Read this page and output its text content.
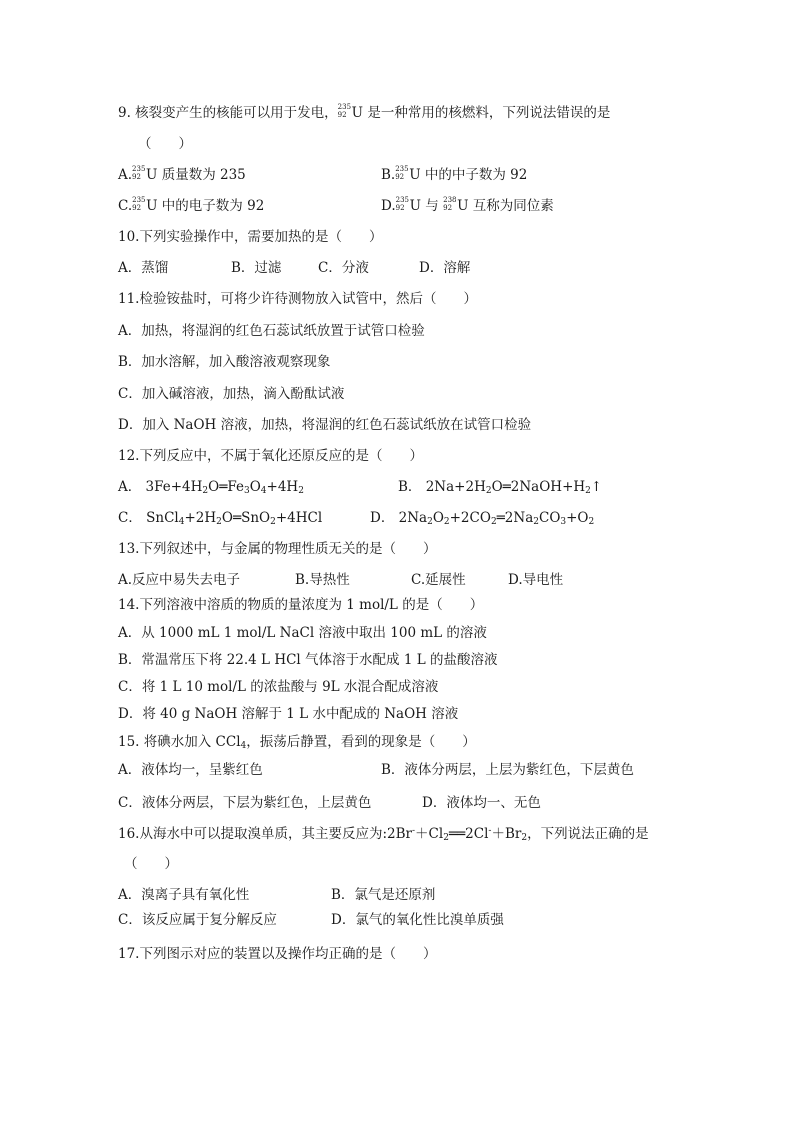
9. 核裂变产生的核能可以用于发电， 235
92 U 是一种常用的核燃料，下列说法错误的是
（　　）
A. 235
92 U 质量数为 235	B. 235
92 U 中的中子数为 92
C. 235
92 U 中的电子数为 92	D. 235
92 U 与 238
92 U 互称为同位素
10.下列实验操作中，需要加热的是（　　）
A．蒸馏	B．过滤	C．分液	D．溶解
11.检验铵盐时，可将少许待测物放入试管中，然后（　　）
A．加热，将湿润的红色石蕊试纸放置于试管口检验
B．加水溶解，加入酸溶液观察现象
C．加入碱溶液，加热，滴入酚酞试液
D．加入 NaOH 溶液，加热，将湿润的红色石蕊试纸放在试管口检验
12.下列反应中，不属于氧化还原反应的是（　　）
A． $3Fe+4H_2O═Fe_3O_4+4H_2$	B． $2Na+2H_2O═2NaOH+H_2↑$
C． $SnCl_4+2H_2O═SnO_2+4HCl$	D． $2Na_2O_2+2CO_2═2Na_2CO_3+O_2$
13.下列叙述中，与金属的物理性质无关的是（　　）
A.反应中易失去电子	B.导热性	C.延展性	D.导电性
14.下列溶液中溶质的物质的量浓度为 1 mol/L 的是（　　）
A．从 1000 mL 1 mol/L NaCl 溶液中取出 100 mL 的溶液
B．常温常压下将 22.4 L HCl 气体溶于水配成 1 L 的盐酸溶液
C．将 1 L 10 mol/L 的浓盐酸与 9L 水混合配成溶液
D．将 40 g NaOH 溶解于 1 L 水中配成的 NaOH 溶液
15. 将碘水加入 CCl$_4$，振荡后静置，看到的现象是（　　）
A．液体均一，呈紫红色	B．液体分两层，上层为紫红色，下层黄色
C．液体分两层，下层为紫红色，上层黄色	D．液体均一、无色
16.从海水中可以提取溴单质，其主要反应为$:2Br^-+Cl_2══2Cl^-+Br_2$，下列说法正确的是
（　　）
A．溴离子具有氧化性	B．氯气是还原剂
C．该反应属于复分解反应	D．氯气的氧化性比溴单质强
17.下列图示对应的装置以及操作均正确的是（　　）
